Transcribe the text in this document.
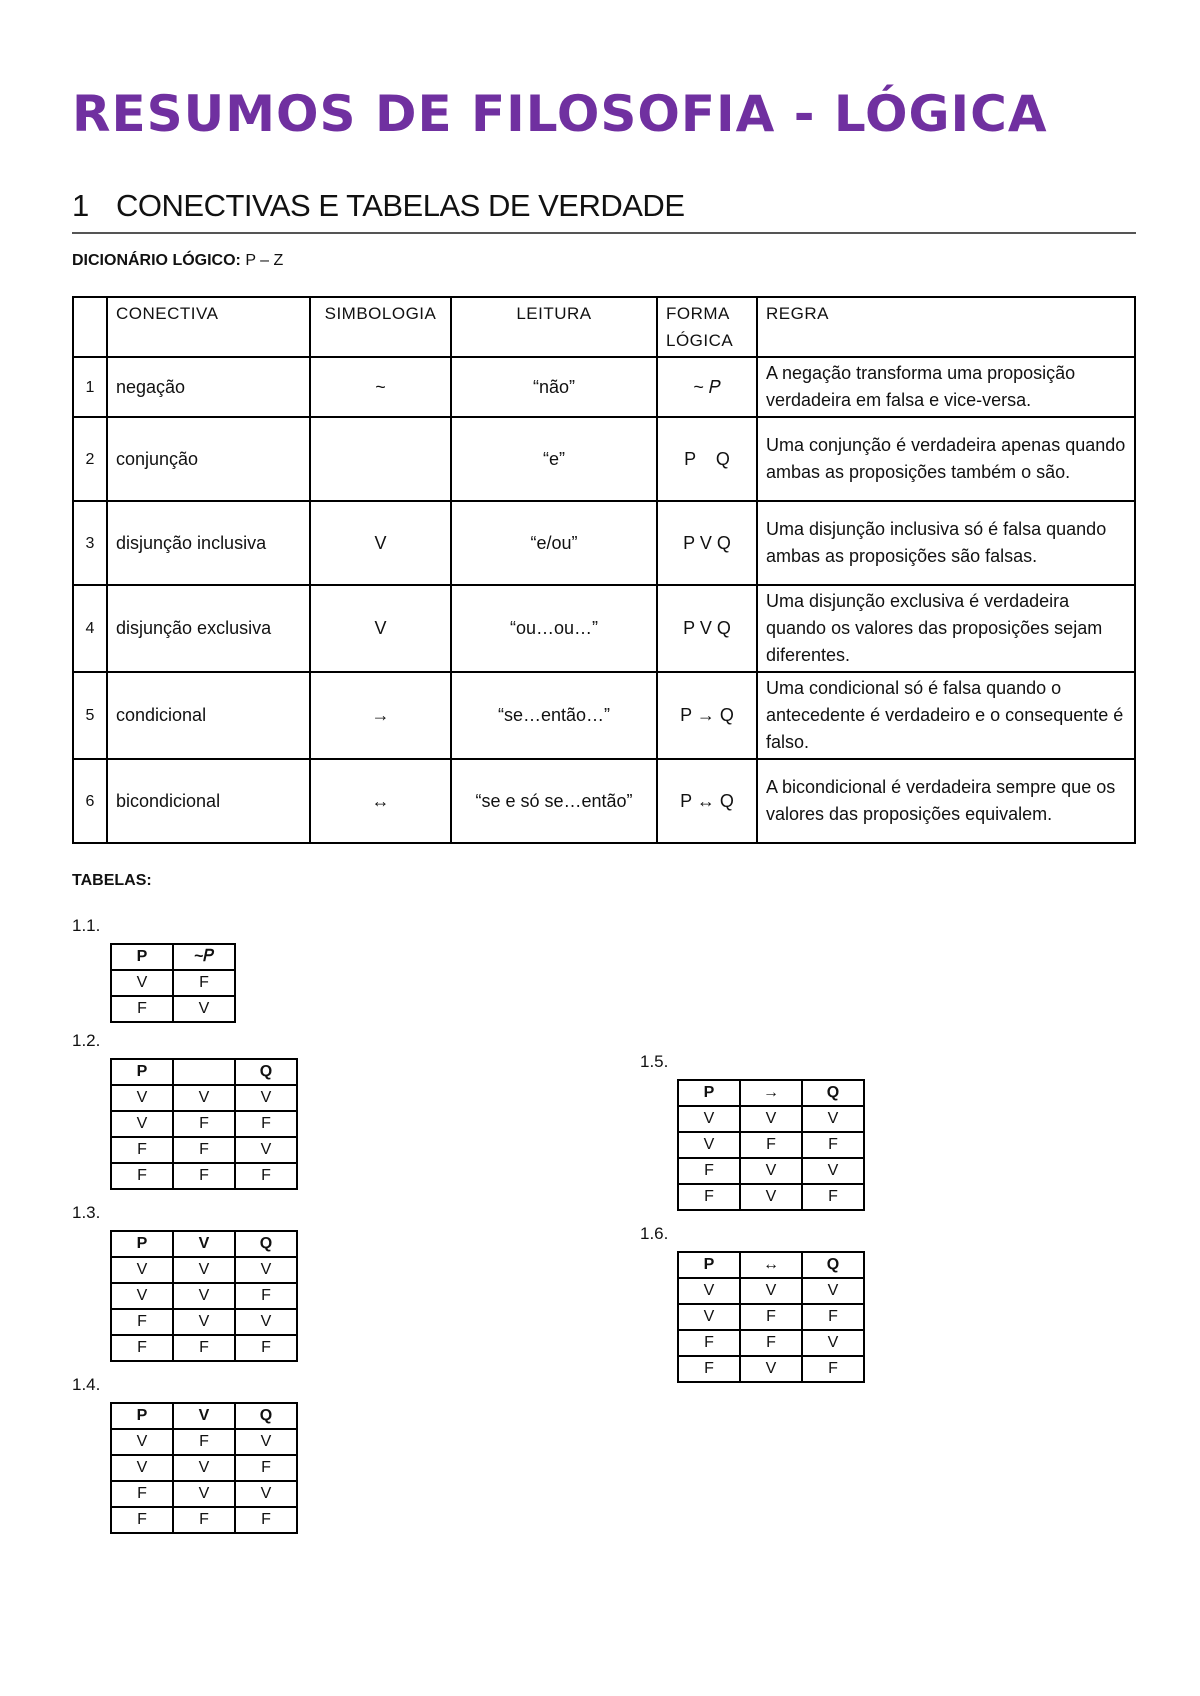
RESUMOS DE FILOSOFIA - LÓGICA
1 CONECTIVAS E TABELAS DE VERDADE
DICIONÁRIO LÓGICO: P – Z
	CONECTIVA	SIMBOLOGIA	LEITURA	FORMA LÓGICA	REGRA
1	negação	~	“não”	~ 𝑃	A negação transforma uma proposição verdadeira em falsa e vice-versa.
2	conjunção		“e”	P    Q	Uma conjunção é verdadeira apenas quando ambas as proposições também o são.
3	disjunção inclusiva	V	“e/ou”	P V Q	Uma disjunção inclusiva só é falsa quando ambas as proposições são falsas.
4	disjunção exclusiva	V	“ou…ou…”	P V Q	Uma disjunção exclusiva é verdadeira quando os valores das proposições sejam diferentes.
5	condicional	→	“se…então…”	P → Q	Uma condicional só é falsa quando o antecedente é verdadeiro e o consequente é falso.
6	bicondicional	↔	“se e só se…então”	P ↔ Q	A bicondicional é verdadeira sempre que os valores das proposições equivalem.
TABELAS:
1.1.
P	~𝑃
V	F
F	V
1.2.
P		Q
V	V	V
V	F	F
F	F	V
F	F	F
1.3.
P	V	Q
V	V	V
V	V	F
F	V	V
F	F	F
1.4.
P	V	Q
V	F	V
V	V	F
F	V	V
F	F	F
1.5.
P	→	Q
V	V	V
V	F	F
F	V	V
F	V	F
1.6.
P	↔	Q
V	V	V
V	F	F
F	F	V
F	V	F
